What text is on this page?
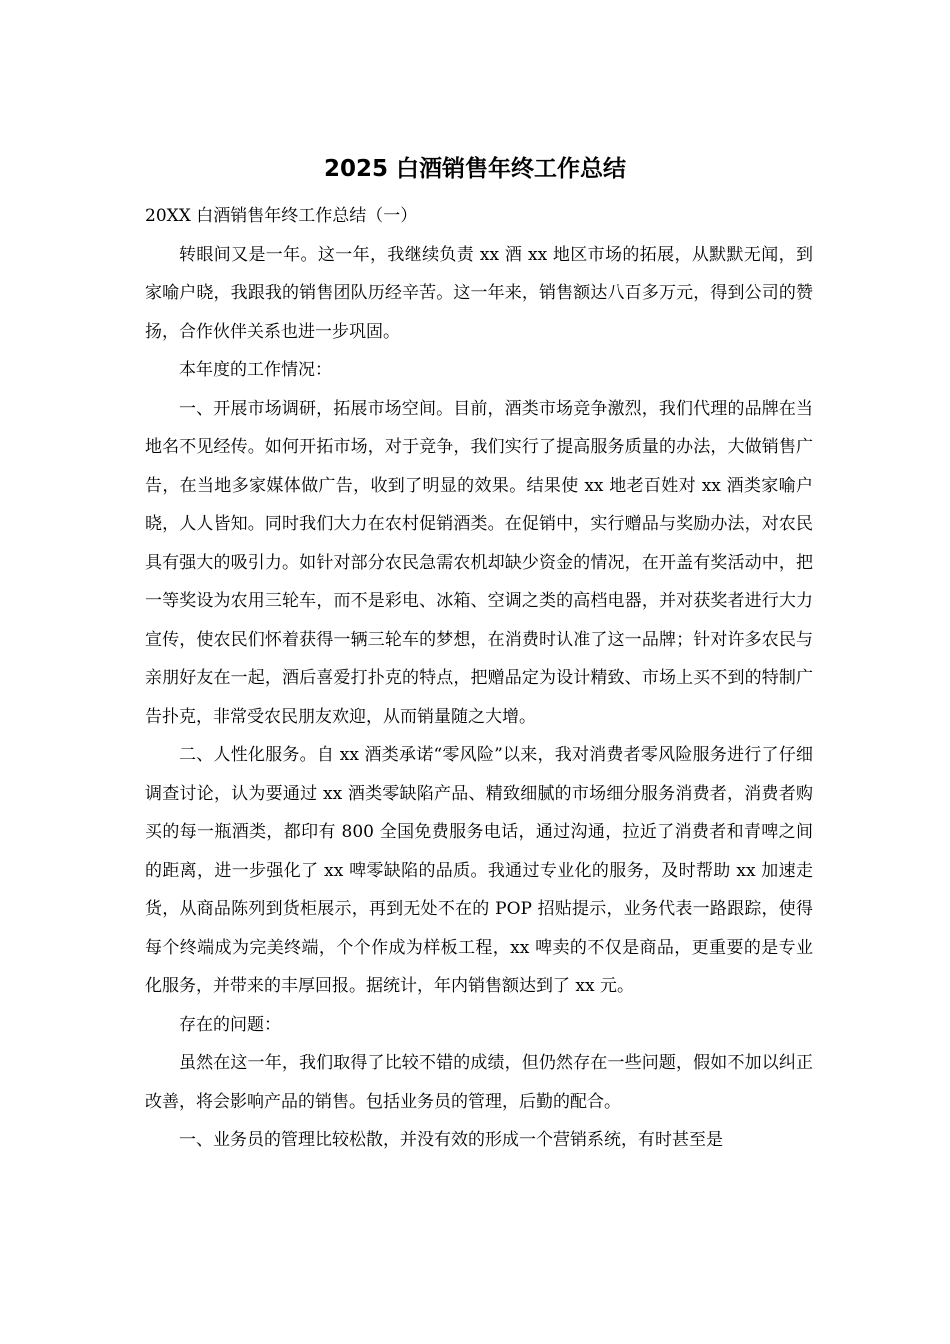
2025 白酒销售年终工作总结

20XX 白酒销售年终工作总结（一）

转眼间又是一年。这一年，我继续负责 xx 酒 xx 地区市场的拓展，从默默无闻，到家喻户晓，我跟我的销售团队历经辛苦。这一年来，销售额达八百多万元，得到公司的赞扬，合作伙伴关系也进一步巩固。

本年度的工作情况：

一、开展市场调研，拓展市场空间。目前，酒类市场竞争激烈，我们代理的品牌在当地名不见经传。如何开拓市场，对于竞争，我们实行了提高服务质量的办法，大做销售广告，在当地多家媒体做广告，收到了明显的效果。结果使 xx 地老百姓对 xx 酒类家喻户晓，人人皆知。同时我们大力在农村促销酒类。在促销中，实行赠品与奖励办法，对农民具有强大的吸引力。如针对部分农民急需农机却缺少资金的情况，在开盖有奖活动中，把一等奖设为农用三轮车，而不是彩电、冰箱、空调之类的高档电器，并对获奖者进行大力宣传，使农民们怀着获得一辆三轮车的梦想，在消费时认准了这一品牌；针对许多农民与亲朋好友在一起，酒后喜爱打扑克的特点，把赠品定为设计精致、市场上买不到的特制广告扑克，非常受农民朋友欢迎，从而销量随之大增。

二、人性化服务。自 xx 酒类承诺“零风险”以来，我对消费者零风险服务进行了仔细调查讨论，认为要通过 xx 酒类零缺陷产品、精致细腻的市场细分服务消费者，消费者购买的每一瓶酒类，都印有 800 全国免费服务电话，通过沟通，拉近了消费者和青啤之间的距离，进一步强化了 xx 啤零缺陷的品质。我通过专业化的服务，及时帮助 xx 加速走货，从商品陈列到货柜展示，再到无处不在的 POP 招贴提示，业务代表一路跟踪，使得每个终端成为完美终端，个个作成为样板工程，xx 啤卖的不仅是商品，更重要的是专业化服务，并带来的丰厚回报。据统计，年内销售额达到了 xx 元。

存在的问题：

虽然在这一年，我们取得了比较不错的成绩，但仍然存在一些问题，假如不加以纠正改善，将会影响产品的销售。包括业务员的管理，后勤的配合。

一、业务员的管理比较松散，并没有效的形成一个营销系统，有时甚至是
